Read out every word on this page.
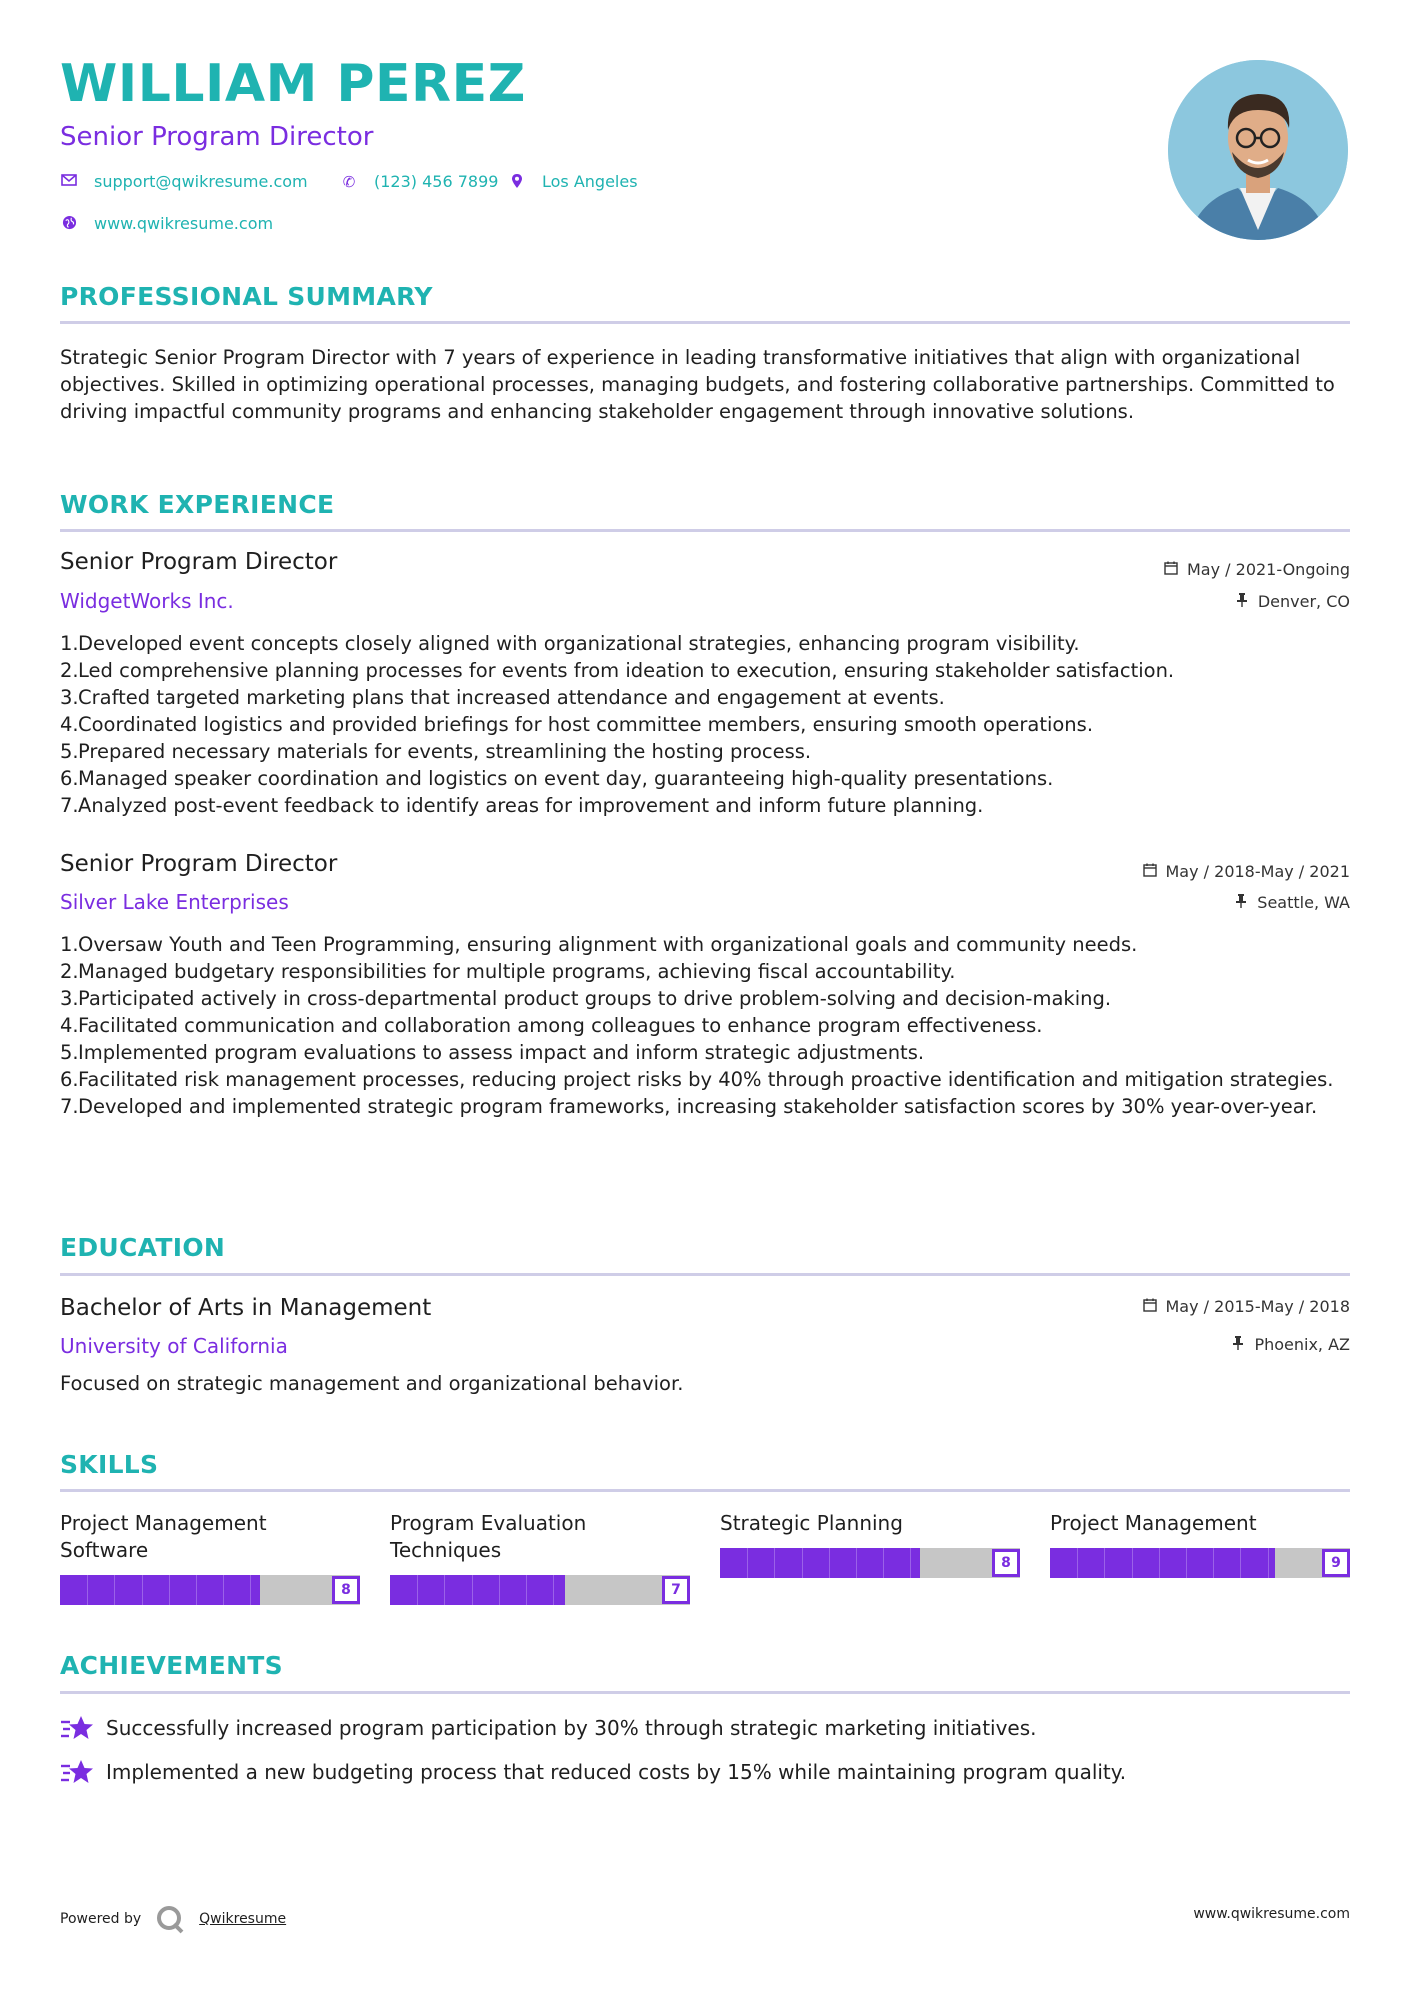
WILLIAM PEREZ
Senior Program Director
support@qwikresume.com ✆ (123) 456 7899	Los Angeles
www.qwikresume.com
PROFESSIONAL SUMMARY
Strategic Senior Program Director with 7 years of experience in leading transformative initiatives that align with organizational objectives. Skilled in optimizing operational processes, managing budgets, and fostering collaborative partnerships. Committed to driving impactful community programs and enhancing stakeholder engagement through innovative solutions.
WORK EXPERIENCE
Senior Program Director
WidgetWorks Inc.
May / 2021-Ongoing
Denver, CO
1. Developed event concepts closely aligned with organizational strategies, enhancing program visibility.
2. Led comprehensive planning processes for events from ideation to execution, ensuring stakeholder satisfaction.
3. Crafted targeted marketing plans that increased attendance and engagement at events.
4. Coordinated logistics and provided briefings for host committee members, ensuring smooth operations.
5. Prepared necessary materials for events, streamlining the hosting process.
6. Managed speaker coordination and logistics on event day, guaranteeing high-quality presentations.
7. Analyzed post-event feedback to identify areas for improvement and inform future planning.
Senior Program Director
Silver Lake Enterprises
May / 2018-May / 2021
Seattle, WA
1. Oversaw Youth and Teen Programming, ensuring alignment with organizational goals and community needs.
2. Managed budgetary responsibilities for multiple programs, achieving fiscal accountability.
3. Participated actively in cross-departmental product groups to drive problem-solving and decision-making.
4. Facilitated communication and collaboration among colleagues to enhance program effectiveness.
5. Implemented program evaluations to assess impact and inform strategic adjustments.
6. Facilitated risk management processes, reducing project risks by 40% through proactive identification and mitigation strategies.
7. Developed and implemented strategic program frameworks, increasing stakeholder satisfaction scores by 30% year-over-year.
EDUCATION
Bachelor of Arts in Management
University of California
May / 2015-May / 2018
Phoenix, AZ
Focused on strategic management and organizational behavior.
SKILLS
Project Management Software
8
Program Evaluation Techniques
7
Strategic Planning
8
Project Management
9
ACHIEVEMENTS
Successfully increased program participation by 30% through strategic marketing initiatives.
Implemented a new budgeting process that reduced costs by 15% while maintaining program quality.
Powered by	Qwikresume	www.qwikresume.com
